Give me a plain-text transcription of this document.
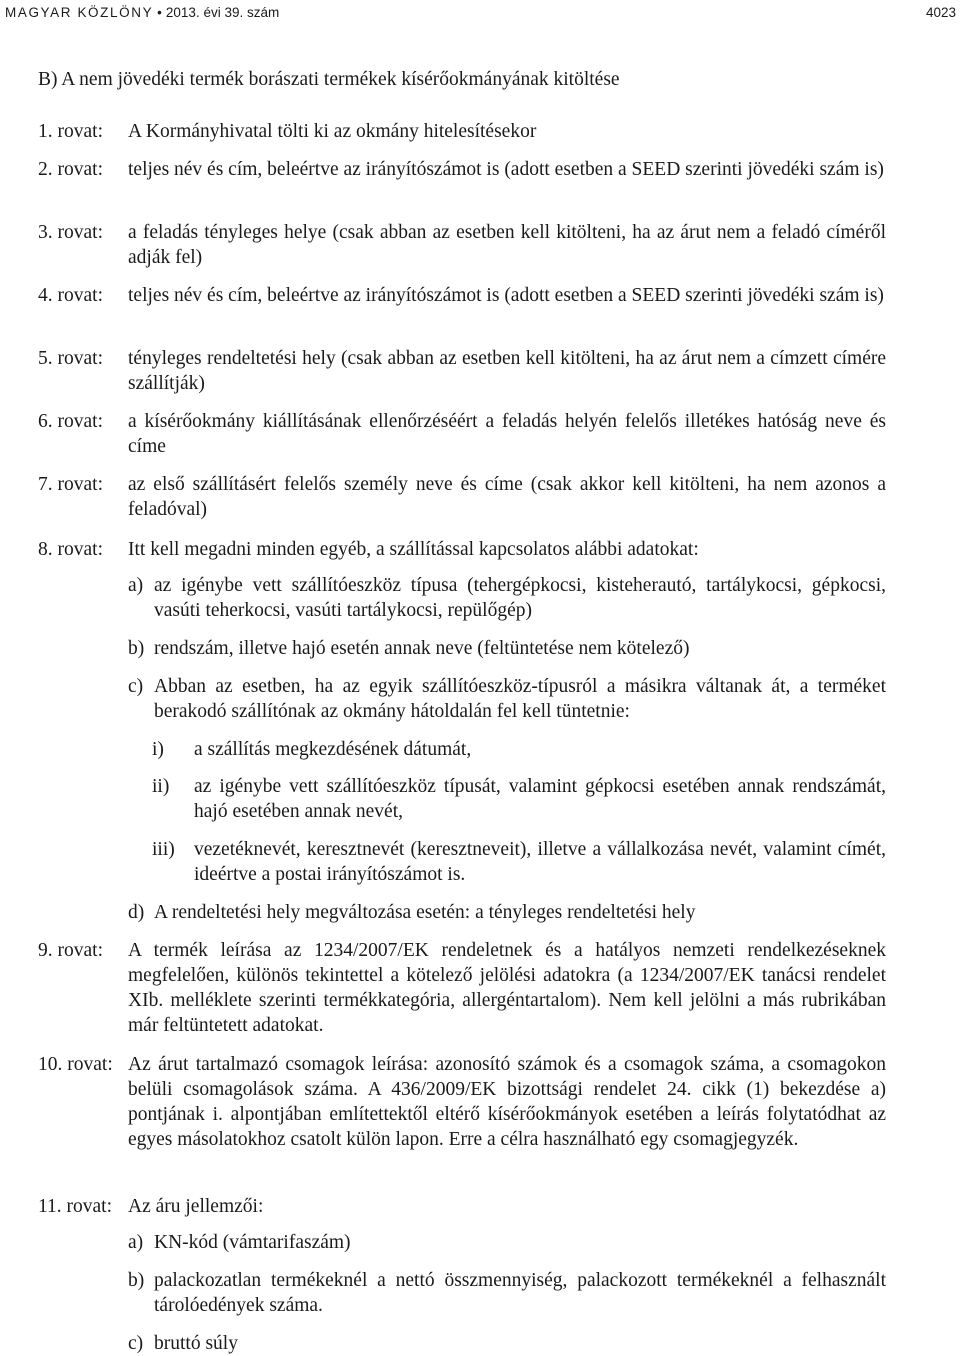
MAGYAR KÖZLÖNY • 2013. évi 39. szám	4023
B) A nem jövedéki termék borászati termékek kísérőokmányának kitöltése
1. rovat: A Kormányhivatal tölti ki az okmány hitelesítésekor
2. rovat: teljes név és cím, beleértve az irányítószámot is (adott esetben a SEED szerinti jövedéki szám is)
3. rovat: a feladás tényleges helye (csak abban az esetben kell kitölteni, ha az árut nem a feladó címéről adják fel)
4. rovat: teljes név és cím, beleértve az irányítószámot is (adott esetben a SEED szerinti jövedéki szám is)
5. rovat: tényleges rendeltetési hely (csak abban az esetben kell kitölteni, ha az árut nem a címzett címére szállítják)
6. rovat: a kísérőokmány kiállításának ellenőrzéséért a feladás helyén felelős illetékes hatóság neve és címe
7. rovat: az első szállításért felelős személy neve és címe (csak akkor kell kitölteni, ha nem azonos a feladóval)
8. rovat: Itt kell megadni minden egyéb, a szállítással kapcsolatos alábbi adatokat:
a) az igénybe vett szállítóeszköz típusa (tehergépkocsi, kisteherautó, tartálykocsi, gépkocsi, vasúti teherkocsi, vasúti tartálykocsi, repülőgép)
b) rendszám, illetve hajó esetén annak neve (feltüntetése nem kötelező)
c) Abban az esetben, ha az egyik szállítóeszköz-típusról a másikra váltanak át, a terméket berakodó szállítónak az okmány hátoldalán fel kell tüntetnie:
i) a szállítás megkezdésének dátumát,
ii) az igénybe vett szállítóeszköz típusát, valamint gépkocsi esetében annak rendszámát, hajó esetében annak nevét,
iii) vezetéknevét, keresztnevét (keresztneveit), illetve a vállalkozása nevét, valamint címét, ideértve a postai irányítószámot is.
d) A rendeltetési hely megváltozása esetén: a tényleges rendeltetési hely
9. rovat: A termék leírása az 1234/2007/EK rendeletnek és a hatályos nemzeti rendelkezéseknek megfelelően, különös tekintettel a kötelező jelölési adatokra (a 1234/2007/EK tanácsi rendelet XIb. melléklete szerinti termékkategória, allergéntartalom). Nem kell jelölni a más rubrikában már feltüntetett adatokat.
10. rovat: Az árut tartalmazó csomagok leírása: azonosító számok és a csomagok száma, a csomagokon belüli csomagolások száma. A 436/2009/EK bizottsági rendelet 24. cikk (1) bekezdése a) pontjának i. alpontjában említettektől eltérő kísérőokmányok esetében a leírás folytatódhat az egyes másolatokhoz csatolt külön lapon. Erre a célra használható egy csomagjegyzék.
11. rovat: Az áru jellemzői:
a) KN-kód (vámtarifaszám)
b) palackozatlan termékeknél a nettó összmennyiség, palackozott termékeknél a felhasznált tárolóedények száma.
c) bruttó súly
